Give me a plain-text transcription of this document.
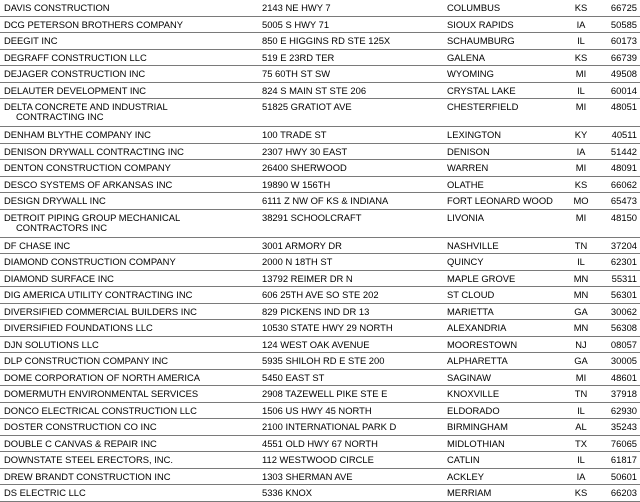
DAVIS CONSTRUCTION	2143 NE HWY 7	COLUMBUS	KS	66725
DCG PETERSON BROTHERS COMPANY	5005 S HWY 71	SIOUX RAPIDS	IA	50585
DEEGIT INC	850 E HIGGINS RD STE 125X	SCHAUMBURG	IL	60173
DEGRAFF CONSTRUCTION LLC	519 E 23RD TER	GALENA	KS	66739
DEJAGER CONSTRUCTION INC	75 60TH ST SW	WYOMING	MI	49508
DELAUTER DEVELOPMENT INC	824 S MAIN ST STE 206	CRYSTAL LAKE	IL	60014
DELTA CONCRETE AND INDUSTRIAL
CONTRACTING INC
51825 GRATIOT AVE	CHESTERFIELD	MI	48051
DENHAM BLYTHE COMPANY INC	100 TRADE ST	LEXINGTON	KY	40511
DENISON DRYWALL CONTRACTING INC	2307 HWY 30 EAST	DENISON	IA	51442
DENTON CONSTRUCTION COMPANY	26400 SHERWOOD	WARREN	MI	48091
DESCO SYSTEMS OF ARKANSAS INC	19890 W 156TH	OLATHE	KS	66062
DESIGN DRYWALL INC	6111 Z NW OF KS & INDIANA	FORT LEONARD WOOD	MO	65473
DETROIT PIPING GROUP MECHANICAL
CONTRACTORS INC
38291 SCHOOLCRAFT	LIVONIA	MI	48150
DF CHASE INC	3001 ARMORY DR	NASHVILLE	TN	37204
DIAMOND CONSTRUCTION COMPANY	2000 N 18TH ST	QUINCY	IL	62301
DIAMOND SURFACE INC	13792 REIMER DR N	MAPLE GROVE	MN	55311
DIG AMERICA UTILITY CONTRACTING INC	606 25TH AVE SO STE 202	ST CLOUD	MN	56301
DIVERSIFIED COMMERCIAL BUILDERS INC	829 PICKENS IND DR 13	MARIETTA	GA	30062
DIVERSIFIED FOUNDATIONS LLC	10530 STATE HWY 29 NORTH	ALEXANDRIA	MN	56308
DJN SOLUTIONS LLC	124 WEST OAK AVENUE	MOORESTOWN	NJ	08057
DLP CONSTRUCTION COMPANY INC	5935 SHILOH RD E STE 200	ALPHARETTA	GA	30005
DOME CORPORATION OF NORTH AMERICA	5450 EAST ST	SAGINAW	MI	48601
DOMERMUTH ENVIRONMENTAL SERVICES	2908 TAZEWELL PIKE STE E	KNOXVILLE	TN	37918
DONCO ELECTRICAL CONSTRUCTION LLC	1506 US HWY 45 NORTH	ELDORADO	IL	62930
DOSTER CONSTRUCTION CO INC	2100 INTERNATIONAL PARK D	BIRMINGHAM	AL	35243
DOUBLE C CANVAS & REPAIR INC	4551 OLD HWY 67 NORTH	MIDLOTHIAN	TX	76065
DOWNSTATE STEEL ERECTORS, INC.	112 WESTWOOD CIRCLE	CATLIN	IL	61817
DREW BRANDT CONSTRUCTION INC	1303 SHERMAN AVE	ACKLEY	IA	50601
DS ELECTRIC LLC	5336 KNOX	MERRIAM	KS	66203
